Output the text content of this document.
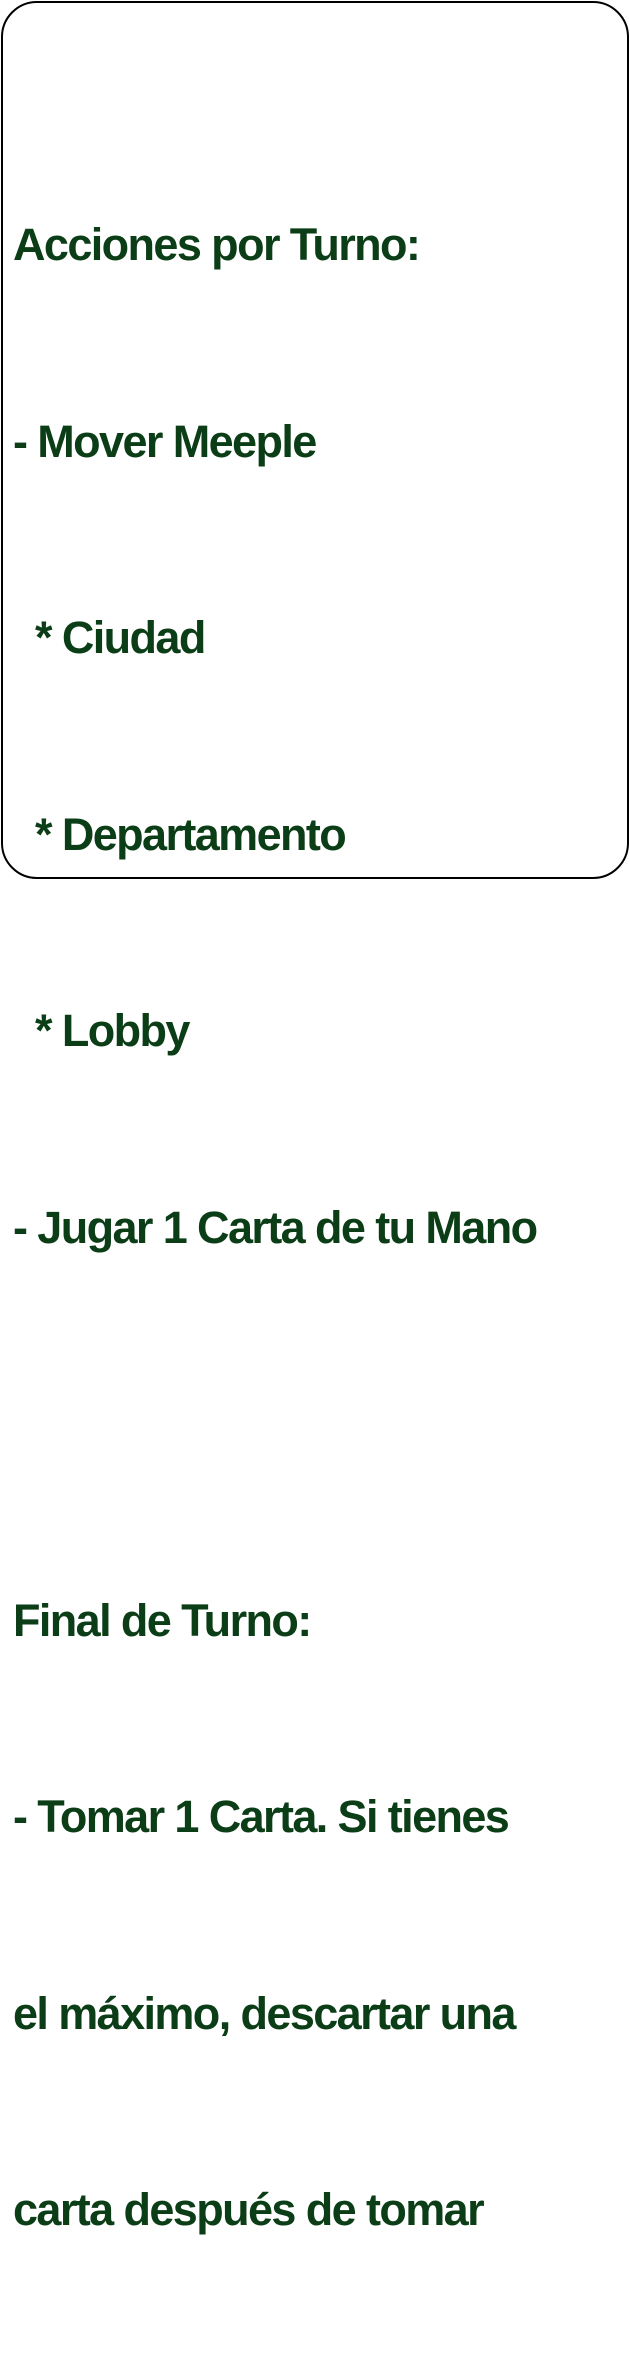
Acciones por Turno:

- Mover Meeple

* Ciudad

* Departamento

* Lobby

- Jugar 1 Carta de tu Mano

Final de Turno:

- Tomar 1 Carta. Si tienes

el máximo, descartar una

carta después de tomar
